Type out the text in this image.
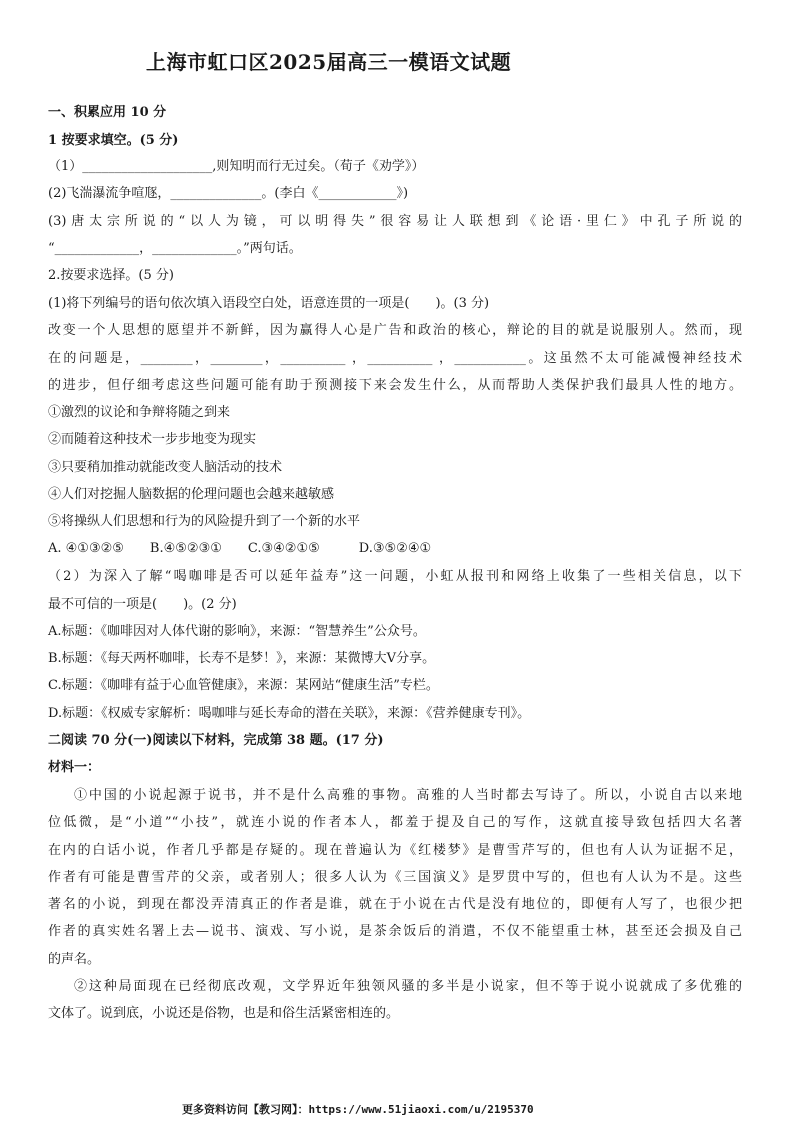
上海市虹口区2025届高三一模语文试题
一、积累应用 10 分
1 按要求填空。(5 分)
（1）____________________,则知明而行无过矣。（荀子《劝学》）
(2)飞湍瀑流争喧豗，______________。(李白《____________》)
(3)唐太宗所说的“以人为镜，可以明得失”很容易让人联想到《论语·里仁》中孔子所说的
“_____________，_____________。”两句话。
2.按要求选择。(5 分)
(1)将下列编号的语句依次填入语段空白处，语意连贯的一项是(　　)。(3 分)
改变一个人思想的愿望并不新鲜，因为赢得人心是广告和政治的核心，辩论的目的就是说服别人。然而，现
在的问题是，________，________，__________ ，__________ ，___________。这虽然不太可能减慢神经技术
的进步，但仔细考虑这些问题可能有助于预测接下来会发生什么，从而帮助人类保护我们最具人性的地方。
①激烈的议论和争辩将随之到来
②而随着这种技术一步步地变为现实
③只要稍加推动就能改变人脑活动的技术
④人们对挖掘人脑数据的伦理问题也会越来越敏感
⑤将操纵人们思想和行为的风险提升到了一个新的水平
A. ④①③②⑤　　B.④⑤②③①　　C.③④②①⑤　　　D.③⑤②④①
（2）为深入了解“喝咖啡是否可以延年益寿”这一问题，小虹从报刊和网络上收集了一些相关信息，以下
最不可信的一项是(　　)。(2 分)
A.标题：《咖啡因对人体代谢的影响》，来源：“智慧养生”公众号。
B.标题：《每天两杯咖啡，长寿不是梦！》，来源：某微博大V分享。
C.标题：《咖啡有益于心血管健康》，来源：某网站“健康生活”专栏。
D.标题：《权威专家解析：喝咖啡与延长寿命的潜在关联》，来源：《营养健康专刊》。
二阅读 70 分(一)阅读以下材料，完成第 38 题。(17 分)
材料一：
①中国的小说起源于说书，并不是什么高雅的事物。高雅的人当时都去写诗了。所以，小说自古以来地
位低微，是“小道”“小技”，就连小说的作者本人，都羞于提及自己的写作，这就直接导致包括四大名著
在内的白话小说，作者几乎都是存疑的。现在普遍认为《红楼梦》是曹雪芹写的，但也有人认为证据不足，
作者有可能是曹雪芹的父亲，或者别人；很多人认为《三国演义》是罗贯中写的，但也有人认为不是。这些
著名的小说，到现在都没弄清真正的作者是谁，就在于小说在古代是没有地位的，即便有人写了，也很少把
作者的真实姓名署上去—说书、演戏、写小说，是茶余饭后的消遣，不仅不能望重士林，甚至还会损及自己
的声名。
②这种局面现在已经彻底改观，文学界近年独领风骚的多半是小说家，但不等于说小说就成了多优雅的
文体了。说到底，小说还是俗物，也是和俗生活紧密相连的。
更多资料访问【教习网】：https://www.51jiaoxi.com/u/2195370
